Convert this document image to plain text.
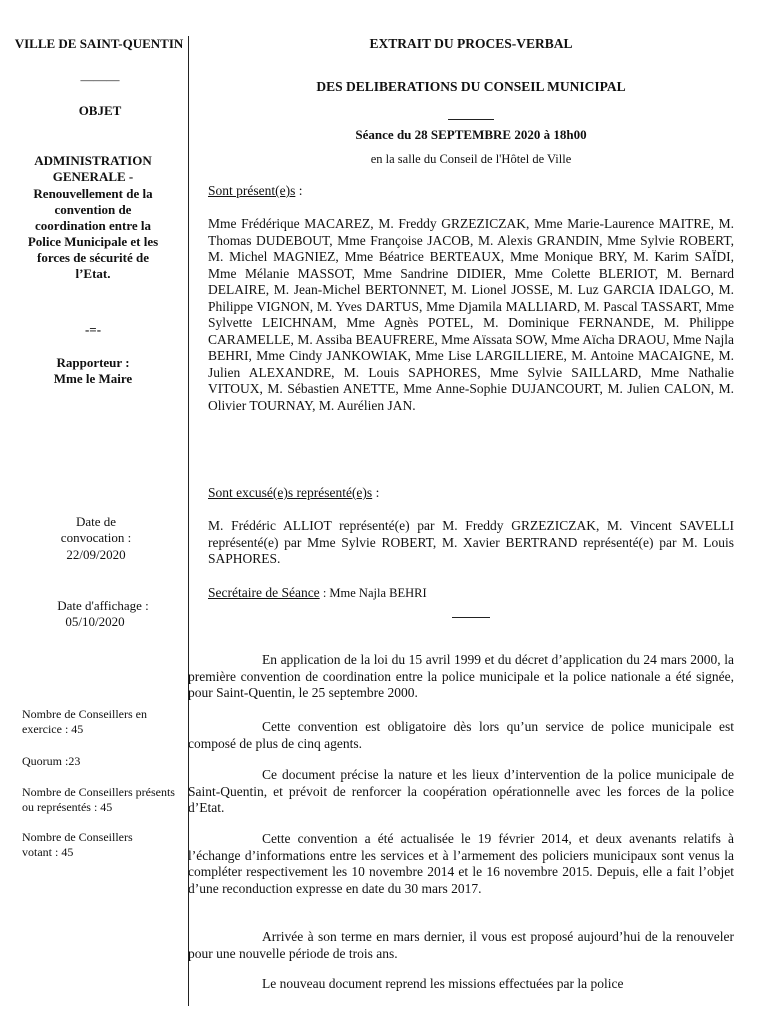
VILLE DE SAINT-QUENTIN
———
OBJET
ADMINISTRATION GENERALE -
Renouvellement de la convention de coordination entre la Police Municipale et les forces de sécurité de l’Etat.
-=-
Rapporteur :
Mme le Maire
Date de convocation :
22/09/2020
Date d'affichage :
05/10/2020
Nombre de Conseillers en exercice : 45
Quorum :23
Nombre de Conseillers présents ou représentés : 45
Nombre de Conseillers votant : 45
EXTRAIT DU PROCES-VERBAL
DES DELIBERATIONS DU CONSEIL MUNICIPAL
Séance du 28 SEPTEMBRE 2020 à 18h00
en la salle du Conseil de l'Hôtel de Ville
Sont présent(e)s :
Mme Frédérique MACAREZ, M. Freddy GRZEZICZAK, Mme Marie-Laurence MAITRE, M. Thomas DUDEBOUT, Mme Françoise JACOB, M. Alexis GRANDIN, Mme Sylvie ROBERT, M. Michel MAGNIEZ, Mme Béatrice BERTEAUX, Mme Monique BRY, M. Karim SAÏDI, Mme Mélanie MASSOT, Mme Sandrine DIDIER, Mme Colette BLERIOT, M. Bernard DELAIRE, M. Jean-Michel BERTONNET, M. Lionel JOSSE, M. Luz GARCIA IDALGO, M. Philippe VIGNON, M. Yves DARTUS, Mme Djamila MALLIARD, M. Pascal TASSART, Mme Sylvette LEICHNAM, Mme Agnès POTEL, M. Dominique FERNANDE, M. Philippe CARAMELLE, M. Assiba BEAUFRERE, Mme Aïssata SOW, Mme Aïcha DRAOU, Mme Najla BEHRI, Mme Cindy JANKOWIAK, Mme Lise LARGILLIERE, M. Antoine MACAIGNE, M. Julien ALEXANDRE, M. Louis SAPHORES, Mme Sylvie SAILLARD, Mme Nathalie VITOUX, M. Sébastien ANETTE, Mme Anne-Sophie DUJANCOURT, M. Julien CALON, M. Olivier TOURNAY, M. Aurélien JAN.
Sont excusé(e)s représenté(e)s :
M. Frédéric ALLIOT représenté(e) par M. Freddy GRZEZICZAK, M. Vincent SAVELLI représenté(e) par Mme Sylvie ROBERT, M. Xavier BERTRAND représenté(e) par M. Louis SAPHORES.
Secrétaire de Séance : Mme Najla BEHRI
En application de la loi du 15 avril 1999 et du décret d’application du 24 mars 2000, la première convention de coordination entre la police municipale et la police nationale a été signée, pour Saint-Quentin, le 25 septembre 2000.
Cette convention est obligatoire dès lors qu’un service de police municipale est composé de plus de cinq agents.
Ce document précise la nature et les lieux d’intervention de la police municipale de Saint-Quentin, et prévoit de renforcer la coopération opérationnelle avec les forces de la police d’Etat.
Cette convention a été actualisée le 19 février 2014, et deux avenants relatifs à l’échange d’informations entre les services et à l’armement des policiers municipaux sont venus la compléter respectivement les 10 novembre 2014 et le 16 novembre 2015. Depuis, elle a fait l’objet d’une reconduction expresse en date du 30 mars 2017.
Arrivée à son terme en mars dernier, il vous est proposé aujourd’hui de la renouveler pour une nouvelle période de trois ans.
Le nouveau document reprend les missions effectuées par la police
